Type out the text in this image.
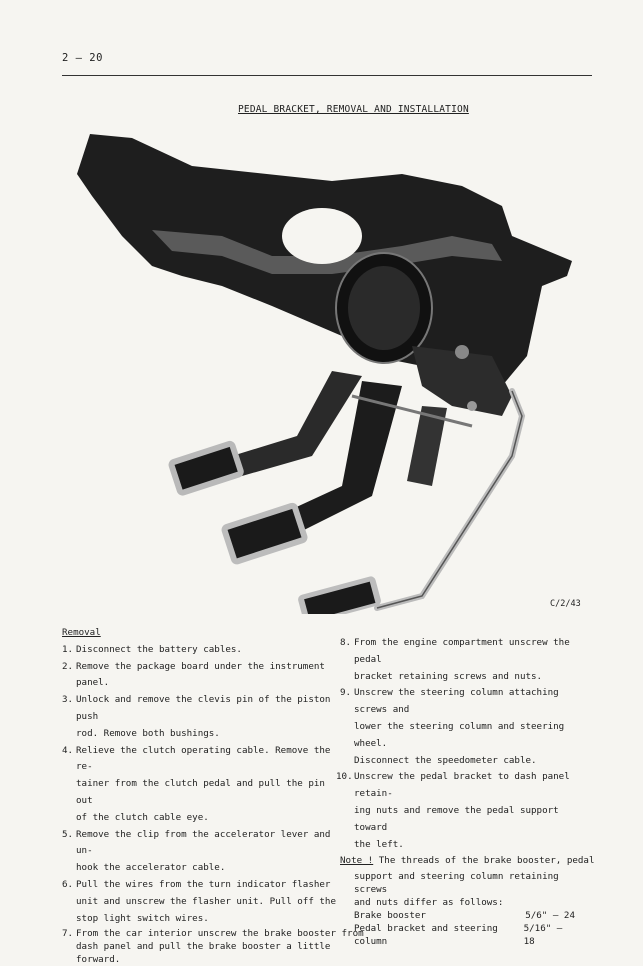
2 – 20
PEDAL BRACKET, REMOVAL AND INSTALLATION
C/2/43
Removal
1. Disconnect the battery cables.
2. Remove the package board under the instrument panel.
3. Unlock and remove the clevis pin of the piston push
rod. Remove both bushings.
4. Relieve the clutch operating cable. Remove the re-
tainer from the clutch pedal and pull the pin out
of the clutch cable eye.
5. Remove the clip from the accelerator lever and un-
hook the accelerator cable.
6. Pull the wires from the turn indicator flasher
unit and unscrew the flasher unit. Pull off the
stop light switch wires.
7. From the car interior unscrew the brake booster from
dash panel and pull the brake booster a little forward.
8. From the engine compartment unscrew the pedal
bracket retaining screws and nuts.
9. Unscrew the steering column attaching screws and
lower the steering column and steering wheel.
Disconnect the speedometer cable.
10. Unscrew the pedal bracket to dash panel retain-
ing nuts and remove the pedal support toward
the left.
Note ! The threads of the brake booster, pedal
support and steering column retaining screws
and nuts differ as follows:
Brake booster	5/6" – 24
Pedal bracket and steering column
5/16" – 18
